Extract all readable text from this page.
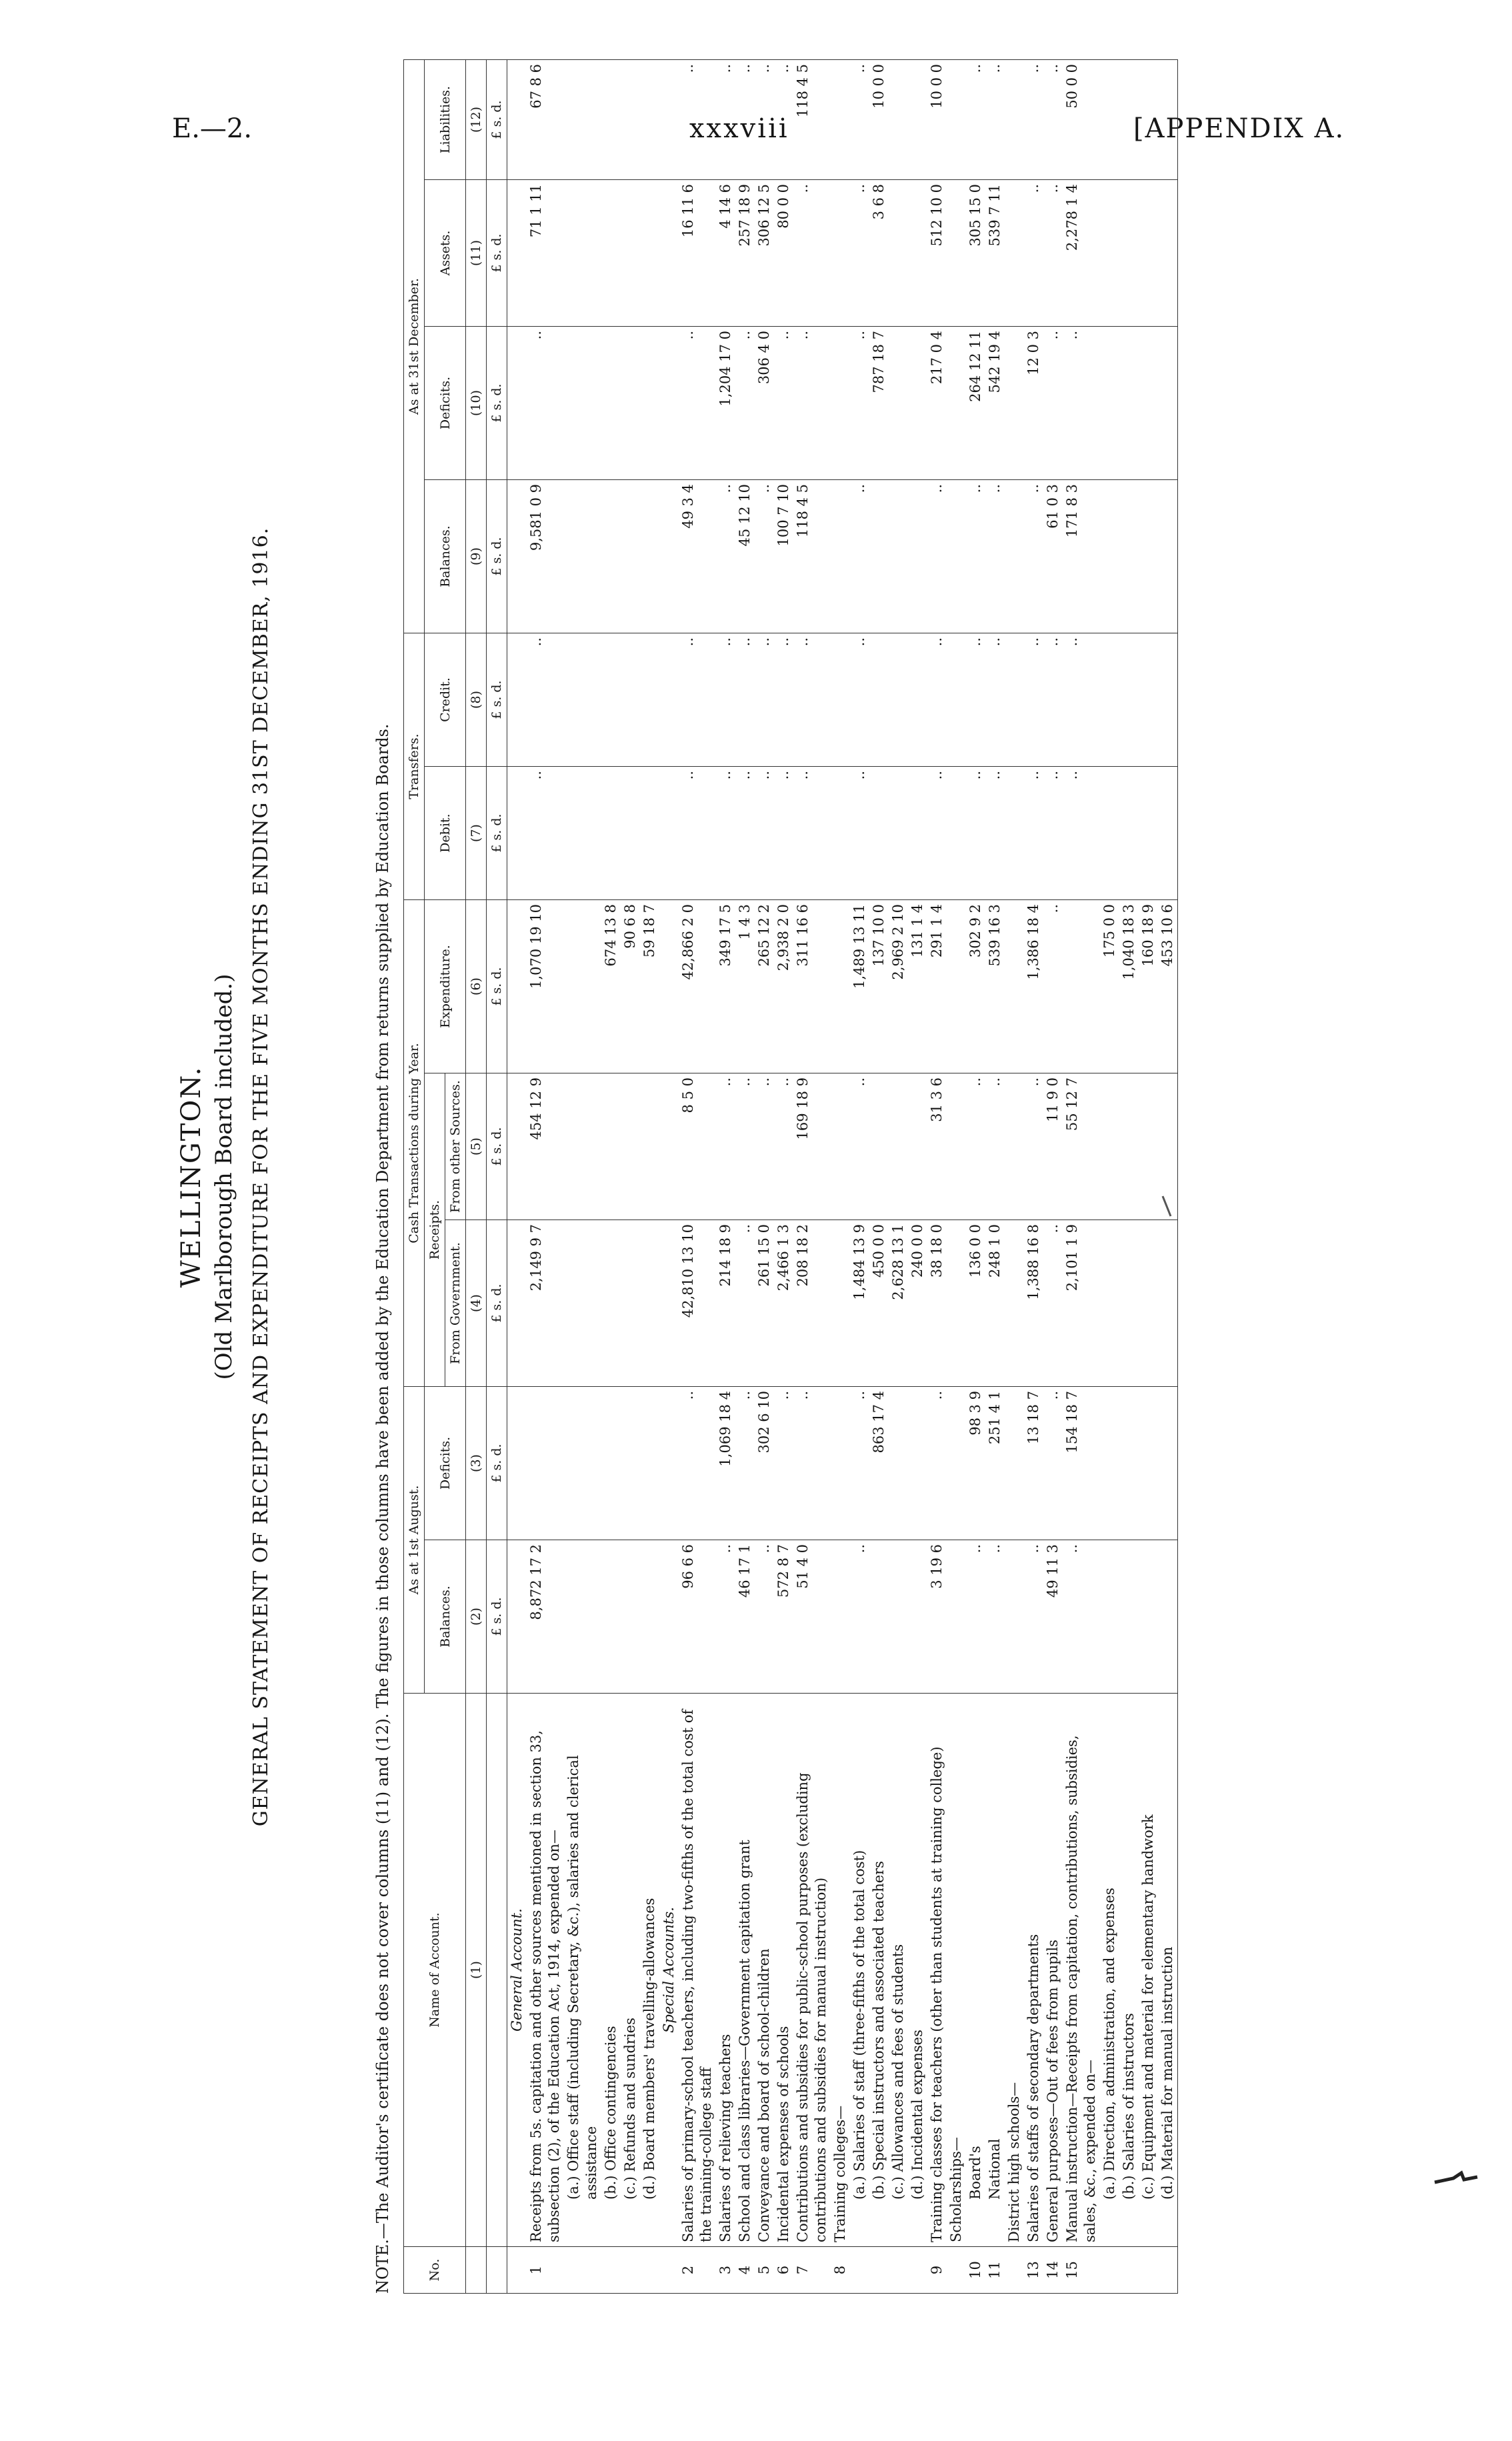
E.—2.	xxxviii	[APPENDIX A.
WELLINGTON. (Old Marlborough Board included.) GENERAL STATEMENT OF RECEIPTS AND EXPENDITURE FOR THE FIVE MONTHS ENDING 31ST DECEMBER, 1916.	NOTE.—The Auditor's certificate does not cover columns (11) and (12). The figures in those columns have been added by the Education Department from returns supplied by Education Boards.	No.	Name of Account.	As at 1st August.		Cash Transactions during Year.			Transfers.		As at 31st December.			
		Balances.	Deficits.	Receipts.		Expenditure.	Debit.	Credit.	Balances.	Deficits.	Assets.	Liabilities.
				From Government.	From other Sources.							
	(1)	(2)	(3)	(4)	(5)	(6)	(7)	(8)	(9)	(10)	(11)	(12)
		£ s. d.	£ s. d.	£ s. d.	£ s. d.	£ s. d.	£ s. d.	£ s. d.	£ s. d.	£ s. d.	£ s. d.	£ s. d.
	General Account.											
1	Receipts from 5s. capitation and other sources mentioned in section 33, subsection (2), of the Education Act, 1914, expended on—	8,872 17 2		2,149 9 7	454 12 9	1,070 19 10	..	..	9,581 0 9	..	71 1 11	67 8 6
	(a.) Office staff (including Secretary, &c.), salaries and clerical assistance											
	(b.) Office contingencies					674 13 8						
	(c.) Refunds and sundries					90 6 8						
	(d.) Board members' travelling-allowances					59 18 7						
	Special Accounts.											
2	Salaries of primary-school teachers, including two-fifths of the total cost of the training-college staff	96 6 6	..	42,810 13 10	8 5 0	42,866 2 0	..	..	49 3 4	..	16 11 6	..
3	Salaries of relieving teachers	..	1,069 18 4	214 18 9	..	349 17 5	..	..	..	1,204 17 0	4 14 6	..
4	School and class libraries—Government capitation grant	46 17 1	..	..	..	1 4 3	..	..	45 12 10	..	257 18 9	..
5	Conveyance and board of school-children	..	302 6 10	261 15 0	..	265 12 2	..	..	..	306 4 0	306 12 5	..
6	Incidental expenses of schools	572 8 7	..	2,466 1 3	..	2,938 2 0	..	..	100 7 10	..	80 0 0	..
7	Contributions and subsidies for public-school purposes (excluding contributions and subsidies for manual instruction)	51 4 0	..	208 18 2	169 18 9	311 16 6	..	..	118 4 5	..	..	118 4 5
8	Training colleges—											
	(a.) Salaries of staff (three-fifths of the total cost)	..	..	1,484 13 9	..	1,489 13 11	..	..	..	..	..	..
	(b.) Special instructors and associated teachers		863 17 4	450 0 0		137 10 0				787 18 7	3 6 8	10 0 0
	(c.) Allowances and fees of students			2,628 13 1		2,969 2 10						
	(d.) Incidental expenses			240 0 0		131 1 4						
9	Training classes for teachers (other than students at training college)	3 19 6	..	38 18 0	31 3 6	291 1 4	..	..	..	217 0 4	512 10 0	10 0 0
	Scholarships—											
10	Board's	..	98 3 9	136 0 0	..	302 9 2	..	..	..	264 12 11	305 15 0	..
11	National	..	251 4 1	248 1 0	..	539 16 3	..	..	..	542 19 4	539 7 11	..
	District high schools—											
13	Salaries of staffs of secondary departments	..	13 18 7	1,388 16 8	..	1,386 18 4	..	..	..	12 0 3	..	..
14	General purposes—Out of fees from pupils	49 11 3	..	..	11 9 0	..	..	..	61 0 3	..	..	..
15	Manual instruction—Receipts from capitation, contributions, subsidies, sales, &c., expended on—	..	154 18 7	2,101 1 9	55 12 7		..	..	171 8 3	..	2,278 1 4	50 0 0
	(a.) Direction, administration, and expenses					175 0 0						
	(b.) Salaries of instructors					1,040 18 3						
	(c.) Equipment and material for elementary handwork					160 18 9						
	(d.) Material for manual instruction					453 10 6						
